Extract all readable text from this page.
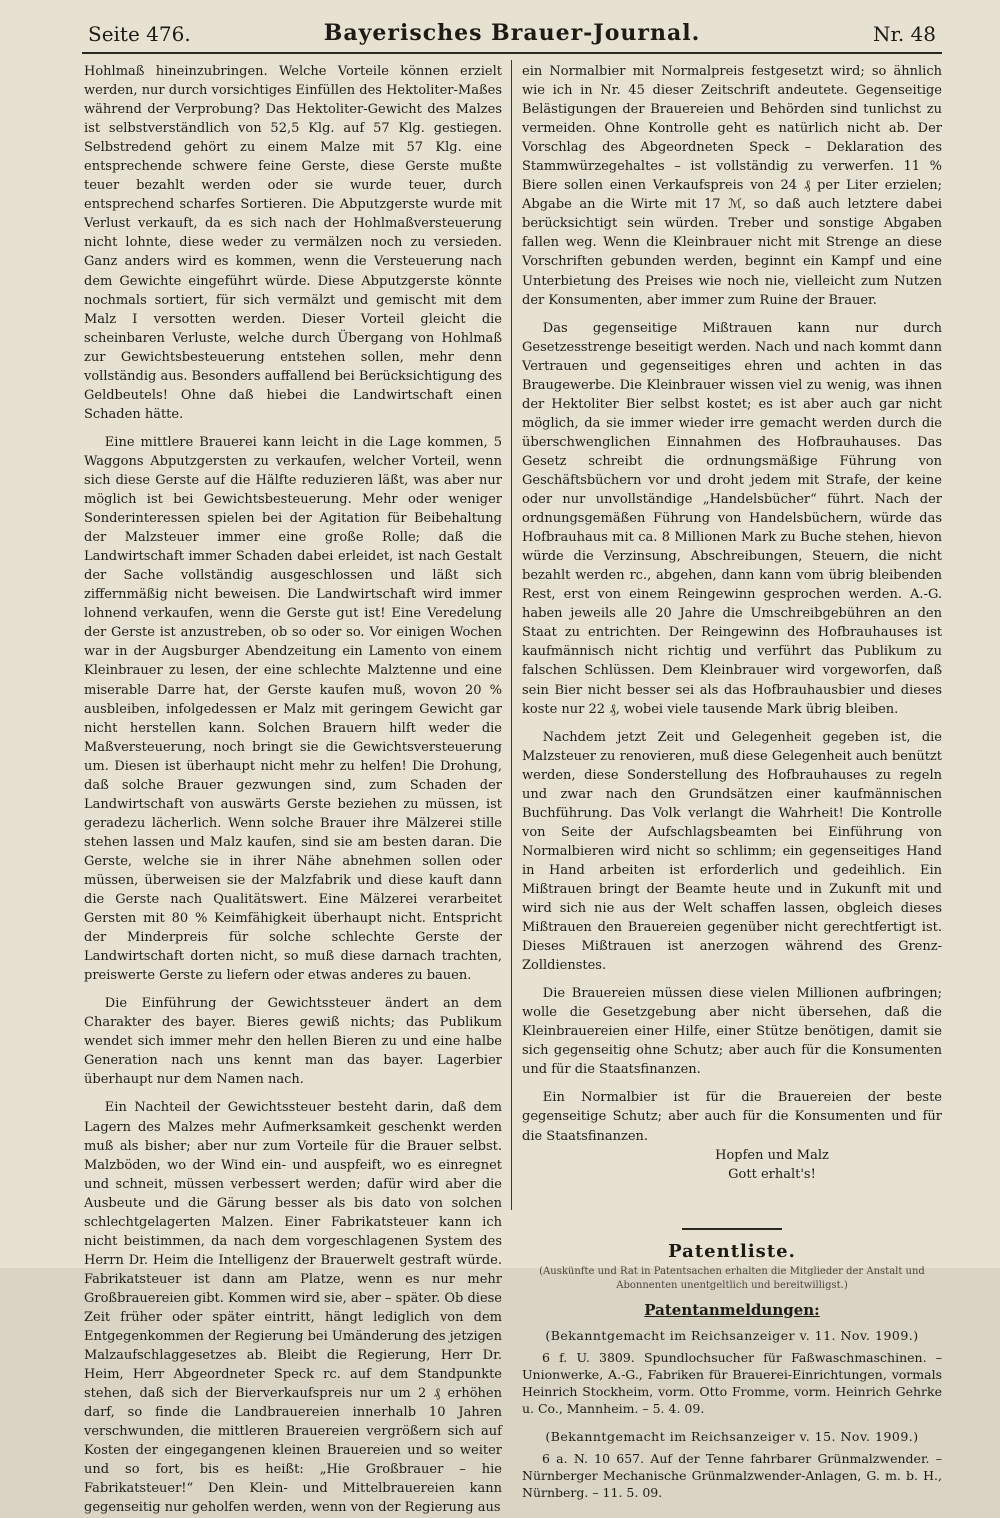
Seite 476.	Bayerisches Brauer-Journal.	Nr. 48

Hohlmaß hineinzubringen. Welche Vorteile können erzielt werden, nur durch vorsichtiges Einfüllen des Hektoliter-Maßes während der Verprobung? Das Hektoliter-Gewicht des Malzes ist selbstverständlich von 52,5 Klg. auf 57 Klg. gestiegen. Selbstredend gehört zu einem Malze mit 57 Klg. eine entsprechende schwere feine Gerste, diese Gerste mußte teuer bezahlt werden oder sie wurde teuer, durch entsprechend scharfes Sortieren. Die Abputzgerste wurde mit Verlust verkauft, da es sich nach der Hohlmaßversteuerung nicht lohnte, diese weder zu vermälzen noch zu versieden. Ganz anders wird es kommen, wenn die Versteuerung nach dem Gewichte eingeführt würde. Diese Abputzgerste könnte nochmals sortiert, für sich vermälzt und gemischt mit dem Malz I versotten werden. Dieser Vorteil gleicht die scheinbaren Verluste, welche durch Übergang von Hohlmaß zur Gewichtsbesteuerung entstehen sollen, mehr denn vollständig aus. Besonders auffallend bei Berücksichtigung des Geldbeutels! Ohne daß hiebei die Landwirtschaft einen Schaden hätte.

Eine mittlere Brauerei kann leicht in die Lage kommen, 5 Waggons Abputzgersten zu verkaufen, welcher Vorteil, wenn sich diese Gerste auf die Hälfte reduzieren läßt, was aber nur möglich ist bei Gewichtsbesteuerung. Mehr oder weniger Sonderinteressen spielen bei der Agitation für Beibehaltung der Malzsteuer immer eine große Rolle; daß die Landwirtschaft immer Schaden dabei erleidet, ist nach Gestalt der Sache vollständig ausgeschlossen und läßt sich ziffernmäßig nicht beweisen. Die Landwirtschaft wird immer lohnend verkaufen, wenn die Gerste gut ist! Eine Veredelung der Gerste ist anzustreben, ob so oder so. Vor einigen Wochen war in der Augsburger Abendzeitung ein Lamento von einem Kleinbrauer zu lesen, der eine schlechte Malztenne und eine miserable Darre hat, der Gerste kaufen muß, wovon 20 % ausbleiben, infolgedessen er Malz mit geringem Gewicht gar nicht herstellen kann. Solchen Brauern hilft weder die Maßversteuerung, noch bringt sie die Gewichtsversteuerung um. Diesen ist überhaupt nicht mehr zu helfen! Die Drohung, daß solche Brauer gezwungen sind, zum Schaden der Landwirtschaft von auswärts Gerste beziehen zu müssen, ist geradezu lächerlich. Wenn solche Brauer ihre Mälzerei stille stehen lassen und Malz kaufen, sind sie am besten daran. Die Gerste, welche sie in ihrer Nähe abnehmen sollen oder müssen, überweisen sie der Malzfabrik und diese kauft dann die Gerste nach Qualitätswert. Eine Mälzerei verarbeitet Gersten mit 80 % Keimfähigkeit überhaupt nicht. Entspricht der Minderpreis für solche schlechte Gerste der Landwirtschaft dorten nicht, so muß diese darnach trachten, preiswerte Gerste zu liefern oder etwas anderes zu bauen.

Die Einführung der Gewichtssteuer ändert an dem Charakter des bayer. Bieres gewiß nichts; das Publikum wendet sich immer mehr den hellen Bieren zu und eine halbe Generation nach uns kennt man das bayer. Lagerbier überhaupt nur dem Namen nach.

Ein Nachteil der Gewichtssteuer besteht darin, daß dem Lagern des Malzes mehr Aufmerksamkeit geschenkt werden muß als bisher; aber nur zum Vorteile für die Brauer selbst. Malzböden, wo der Wind ein- und auspfeift, wo es einregnet und schneit, müssen verbessert werden; dafür wird aber die Ausbeute und die Gärung besser als bis dato von solchen schlechtgelagerten Malzen. Einer Fabrikatsteuer kann ich nicht beistimmen, da nach dem vorgeschlagenen System des Herrn Dr. Heim die Intelligenz der Brauerwelt gestraft würde. Fabrikatsteuer ist dann am Platze, wenn es nur mehr Großbrauereien gibt. Kommen wird sie, aber – später. Ob diese Zeit früher oder später eintritt, hängt lediglich von dem Entgegenkommen der Regierung bei Umänderung des jetzigen Malzaufschlaggesetzes ab. Bleibt die Regierung, Herr Dr. Heim, Herr Abgeordneter Speck rc. auf dem Standpunkte stehen, daß sich der Bierverkaufspreis nur um 2 ₰ erhöhen darf, so finde die Landbrauereien innerhalb 10 Jahren verschwunden, die mittleren Brauereien vergrößern sich auf Kosten der eingegangenen kleinen Brauereien und so weiter und so fort, bis es heißt: „Hie Großbrauer – hie Fabrikatsteuer!“ Den Klein- und Mittelbrauereien kann gegenseitig nur geholfen werden, wenn von der Regierung aus

ein Normalbier mit Normalpreis festgesetzt wird; so ähnlich wie ich in Nr. 45 dieser Zeitschrift andeutete. Gegenseitige Belästigungen der Brauereien und Behörden sind tunlichst zu vermeiden. Ohne Kontrolle geht es natürlich nicht ab. Der Vorschlag des Abgeordneten Speck – Deklaration des Stammwürzegehaltes – ist vollständig zu verwerfen. 11 % Biere sollen einen Verkaufspreis von 24 ₰ per Liter erzielen; Abgabe an die Wirte mit 17 ℳ, so daß auch letztere dabei berücksichtigt sein würden. Treber und sonstige Abgaben fallen weg. Wenn die Kleinbrauer nicht mit Strenge an diese Vorschriften gebunden werden, beginnt ein Kampf und eine Unterbietung des Preises wie noch nie, vielleicht zum Nutzen der Konsumenten, aber immer zum Ruine der Brauer.

Das gegenseitige Mißtrauen kann nur durch Gesetzesstrenge beseitigt werden. Nach und nach kommt dann Vertrauen und gegenseitiges ehren und achten in das Braugewerbe. Die Kleinbrauer wissen viel zu wenig, was ihnen der Hektoliter Bier selbst kostet; es ist aber auch gar nicht möglich, da sie immer wieder irre gemacht werden durch die überschwenglichen Einnahmen des Hofbrauhauses. Das Gesetz schreibt die ordnungsmäßige Führung von Geschäftsbüchern vor und droht jedem mit Strafe, der keine oder nur unvollständige „Handelsbücher“ führt. Nach der ordnungsgemäßen Führung von Handelsbüchern, würde das Hofbrauhaus mit ca. 8 Millionen Mark zu Buche stehen, hievon würde die Verzinsung, Abschreibungen, Steuern, die nicht bezahlt werden rc., abgehen, dann kann vom übrig bleibenden Rest, erst von einem Reingewinn gesprochen werden. A.-G. haben jeweils alle 20 Jahre die Umschreibgebühren an den Staat zu entrichten. Der Reingewinn des Hofbrauhauses ist kaufmännisch nicht richtig und verführt das Publikum zu falschen Schlüssen. Dem Kleinbrauer wird vorgeworfen, daß sein Bier nicht besser sei als das Hofbrauhausbier und dieses koste nur 22 ₰, wobei viele tausende Mark übrig bleiben.

Nachdem jetzt Zeit und Gelegenheit gegeben ist, die Malzsteuer zu renovieren, muß diese Gelegenheit auch benützt werden, diese Sonderstellung des Hofbrauhauses zu regeln und zwar nach den Grundsätzen einer kaufmännischen Buchführung. Das Volk verlangt die Wahrheit! Die Kontrolle von Seite der Aufschlagsbeamten bei Einführung von Normalbieren wird nicht so schlimm; ein gegenseitiges Hand in Hand arbeiten ist erforderlich und gedeihlich. Ein Mißtrauen bringt der Beamte heute und in Zukunft mit und wird sich nie aus der Welt schaffen lassen, obgleich dieses Mißtrauen den Brauereien gegenüber nicht gerechtfertigt ist. Dieses Mißtrauen ist anerzogen während des Grenz-Zolldienstes.

Die Brauereien müssen diese vielen Millionen aufbringen; wolle die Gesetzgebung aber nicht übersehen, daß die Kleinbrauereien einer Hilfe, einer Stütze benötigen, damit sie sich gegenseitig ohne Schutz; aber auch für die Konsumenten und für die Staatsfinanzen.

Ein Normalbier ist für die Brauereien der beste gegenseitige Schutz; aber auch für die Konsumenten und für die Staatsfinanzen.

Hopfen und Malz
Gott erhalt's!
Patentliste.
(Auskünfte und Rat in Patentsachen erhalten die Mitglieder der Anstalt und Abonnenten unentgeltlich und bereitwilligst.)
Patentanmeldungen:
(Bekanntgemacht im Reichsanzeiger v. 11. Nov. 1909.)
6 f. U. 3809. Spundlochsucher für Faßwaschmaschinen. – Unionwerke, A.-G., Fabriken für Brauerei-Einrichtungen, vormals Heinrich Stockheim, vorm. Otto Fromme, vorm. Heinrich Gehrke u. Co., Mannheim. – 5. 4. 09.
(Bekanntgemacht im Reichsanzeiger v. 15. Nov. 1909.)
6 a. N. 10 657. Auf der Tenne fahrbarer Grünmalzwender. – Nürnberger Mechanische Grünmalzwender-Anlagen, G. m. b. H., Nürnberg. – 11. 5. 09.
